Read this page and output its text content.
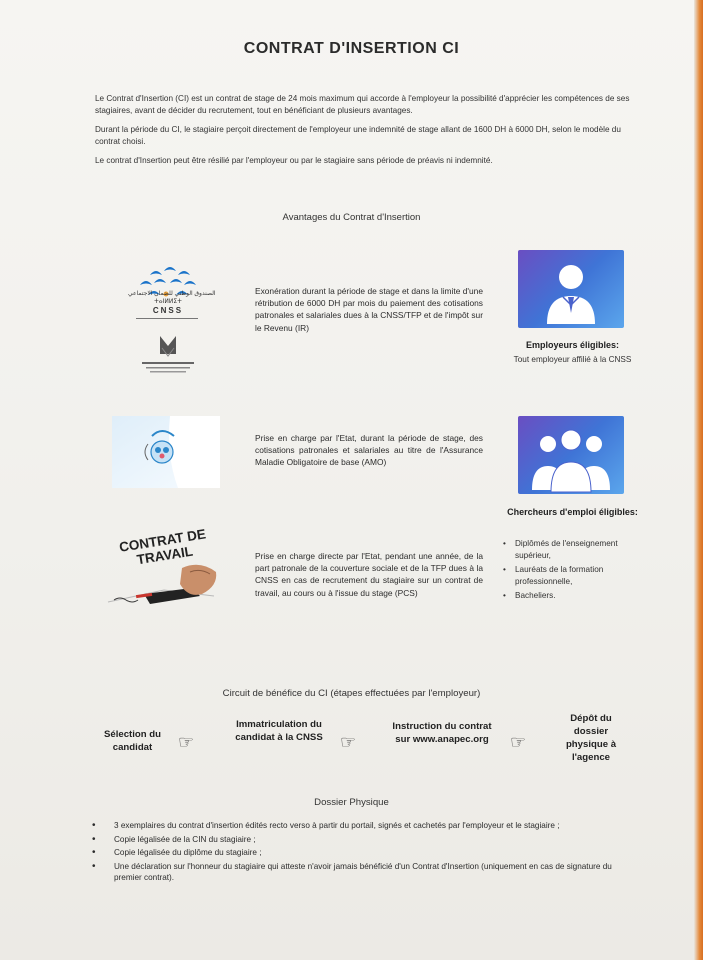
CONTRAT D'INSERTION CI

Le Contrat d'Insertion (CI) est un contrat de stage de 24 mois maximum qui accorde à l'employeur la possibilité d'apprécier les compétences de ses stagiaires, avant de décider du recrutement, tout en bénéficiant de plusieurs avantages.

Durant la période du CI, le stagiaire perçoit directement de l'employeur une indemnité de stage allant de 1600 DH à 6000 DH, selon le modèle du contrat choisi.

Le contrat d'Insertion peut être résilié par l'employeur ou par le stagiaire sans période de préavis ni indemnité.

Avantages du Contrat d'Insertion
الصندوق الوطني للضمان الاجتماعي
ⵜⴰⵏⵍⵍⵉⵜ
CNSS
Exonération durant la période de stage et dans la limite d'une rétribution de 6000 DH par mois du paiement des cotisations patronales et salariales dues à la CNSS/TFP et de l'impôt sur le Revenu (IR)
Employeurs éligibles:
Tout employeur affilié à la CNSS
Prise en charge par l'Etat, durant la période de stage, des cotisations patronales et salariales au titre de l'Assurance Maladie Obligatoire de base (AMO)
Chercheurs d'emploi éligibles:
• Diplômés de l'enseignement supérieur,
• Lauréats de la formation professionnelle,
• Bacheliers.
CONTRAT DE TRAVAIL	Prise en charge directe par l'Etat, pendant une année, de la part patronale de la couverture sociale et de la TFP dues à la CNSS en cas de recrutement du stagiaire sur un contrat de travail, au cours ou à l'issue du stage (PCS)
Circuit de bénéfice du CI (étapes effectuées par l'employeur)
Sélection du candidat	☞
Immatriculation du candidat à la CNSS ☞
Instruction du contrat sur www.anapec.org ☞
Dépôt du dossier physique à l'agence
Dossier Physique
• 3 exemplaires du contrat d'insertion édités recto verso à partir du portail, signés et cachetés par l'employeur et le stagiaire ;
• Copie légalisée de la CIN du stagiaire ;
• Copie légalisée du diplôme du stagiaire ;
• Une déclaration sur l'honneur du stagiaire qui atteste n'avoir jamais bénéficié d'un Contrat d'Insertion (uniquement en cas de signature du premier contrat).
